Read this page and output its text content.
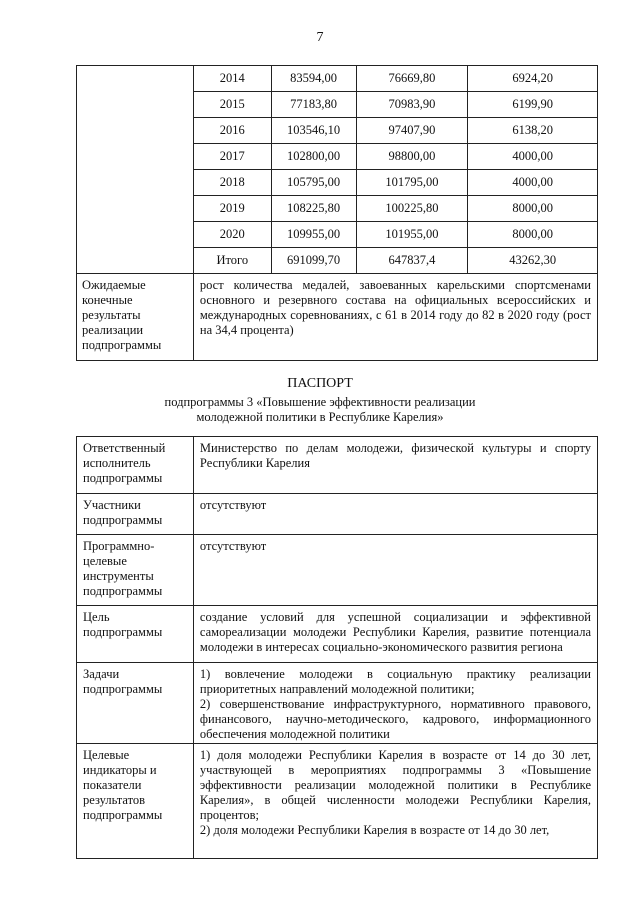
7
	2014	83594,00	76669,80	6924,20
	2015	77183,80	70983,90	6199,90
	2016	103546,10	97407,90	6138,20
	2017	102800,00	98800,00	4000,00
	2018	105795,00	101795,00	4000,00
	2019	108225,80	100225,80	8000,00
	2020	109955,00	101955,00	8000,00
	Итого	691099,70	647837,4	43262,30
Ожидаемые конечные результаты реализации подпрограммы	рост количества медалей, завоеванных карельскими спортсменами основного и резервного состава на официальных всероссийских и международных соревнованиях, с 61 в 2014 году до 82 в 2020 году (рост на 34,4 процента)			
ПАСПОРТ
подпрограммы 3 «Повышение эффективности реализации
молодежной политики в Республике Карелия»
Ответственный исполнитель подпрограммы	Министерство по делам молодежи, физической культуры и спорту Республики Карелия
Участники подпрограммы	отсутствуют
Программно-целевые инструменты подпрограммы	отсутствуют
Цель подпрограммы	создание условий для успешной социализации и эффективной самореализации молодежи Республики Карелия, развитие потенциала молодежи в интересах социально-экономического развития региона
Задачи подпрограммы	1) вовлечение молодежи в социальную практику реализации приоритетных направлений молодежной политики;
2) совершенствование инфраструктурного, нормативного правового, финансового, научно-методического, кадрового, информационного обеспечения молодежной политики

Целевые индикаторы и показатели результатов подпрограммы	1) доля молодежи Республики Карелия в возрасте от 14 до 30 лет, участвующей в мероприятиях подпрограммы 3 «Повышение эффективности реализации молодежной политики в Республике Карелия», в общей численности молодежи Республики Карелия, процентов;
2) доля молодежи Республики Карелия в возрасте от 14 до 30 лет,
